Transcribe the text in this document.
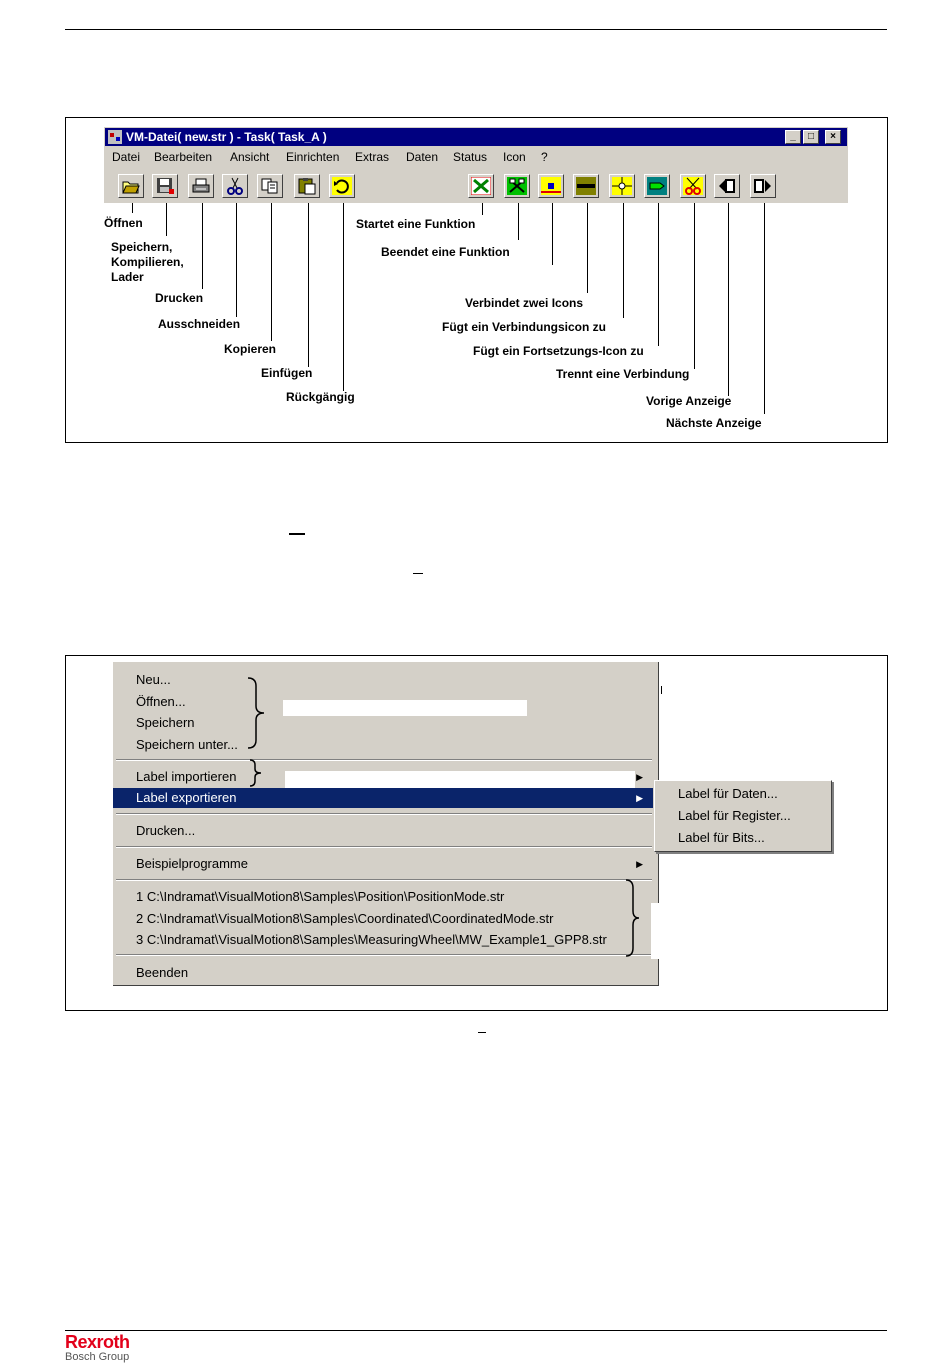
VM-Datei( new.str ) - Task( Task_A )	_	□	×
Datei Bearbeiten Ansicht Einrichten Extras Daten Status Icon ?
Öffnen
Speichern,
Kompilieren,
Lader
Drucken
Ausschneiden
Kopieren
Einfügen
Rückgängig
Startet eine Funktion
Beendet eine Funktion
Verbindet zwei Icons
Fügt ein Verbindungsicon zu
Fügt ein Fortsetzungs-Icon zu
Trennt eine Verbindung
Vorige Anzeige
Nächste Anzeige
Neu...
Öffnen...
Speichern
Speichern unter...
Label importieren	▶
Label exportieren	▶
Drucken...
Beispielprogramme	▶
1 C:\Indramat\VisualMotion8\Samples\Position\PositionMode.str
2 C:\Indramat\VisualMotion8\Samples\Coordinated\CoordinatedMode.str
3 C:\Indramat\VisualMotion8\Samples\MeasuringWheel\MW_Example1_GPP8.str
Beenden
Label für Daten...
Label für Register...
Label für Bits...
Rexroth
Bosch Group
